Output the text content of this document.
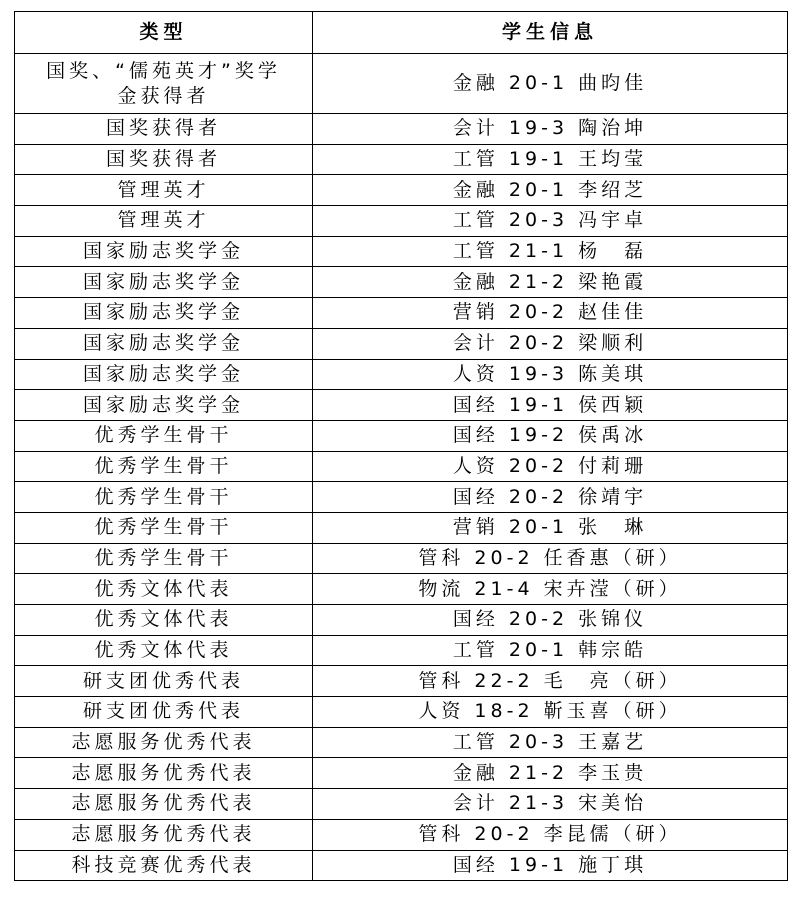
类型	学生信息
国奖、“儒苑英才”奖学金获得者	金融 20-1 曲昀佳
国奖获得者	会计 19-3 陶治坤
国奖获得者	工管 19-1 王均莹
管理英才	金融 20-1 李绍芝
管理英才	工管 20-3 冯宇卓
国家励志奖学金	工管 21-1 杨　磊
国家励志奖学金	金融 21-2 梁艳霞
国家励志奖学金	营销 20-2 赵佳佳
国家励志奖学金	会计 20-2 梁顺利
国家励志奖学金	人资 19-3 陈美琪
国家励志奖学金	国经 19-1 侯西颖
优秀学生骨干	国经 19-2 侯禹冰
优秀学生骨干	人资 20-2 付莉珊
优秀学生骨干	国经 20-2 徐靖宇
优秀学生骨干	营销 20-1 张　琳
优秀学生骨干	管科 20-2 任香惠（研）
优秀文体代表	物流 21-4 宋卉滢（研）
优秀文体代表	国经 20-2 张锦仪
优秀文体代表	工管 20-1 韩宗皓
研支团优秀代表	管科 22-2 毛　亮（研）
研支团优秀代表	人资 18-2 靳玉喜（研）
志愿服务优秀代表	工管 20-3 王嘉艺
志愿服务优秀代表	金融 21-2 李玉贵
志愿服务优秀代表	会计 21-3 宋美怡
志愿服务优秀代表	管科 20-2 李昆儒（研）
科技竞赛优秀代表	国经 19-1 施丁琪
